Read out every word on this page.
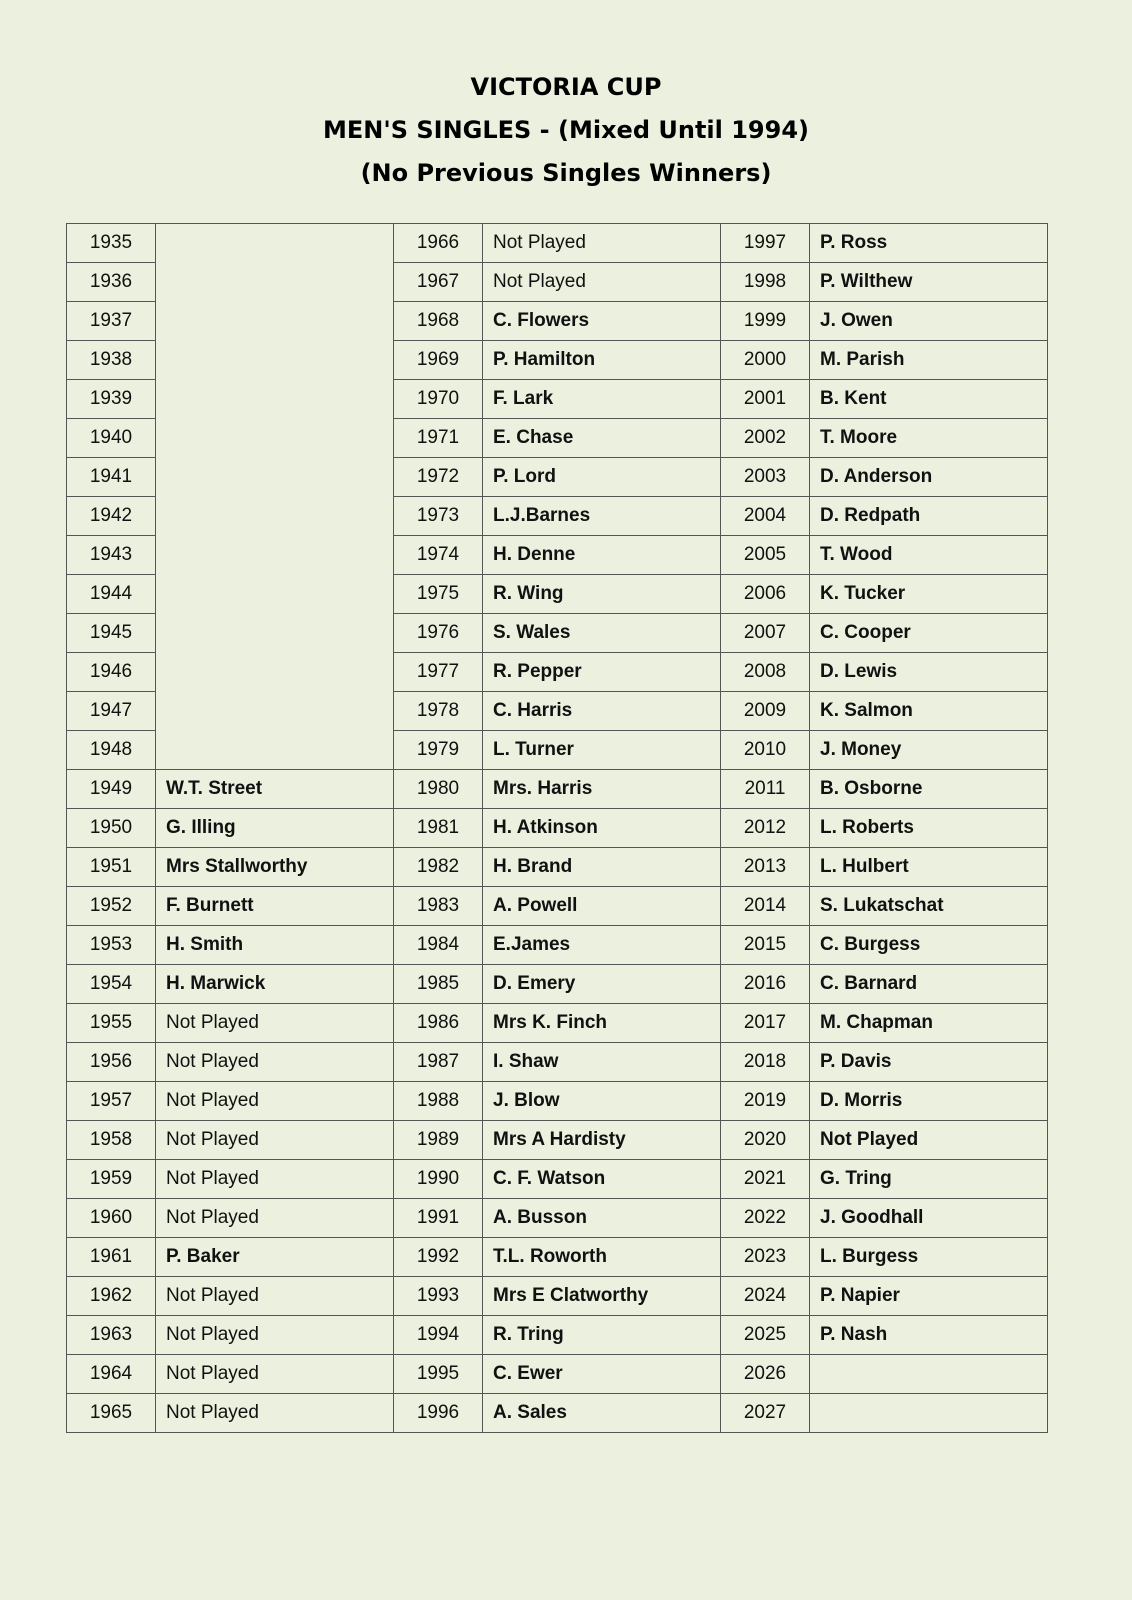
VICTORIA CUP
MEN'S SINGLES - (Mixed Until 1994)
(No Previous Singles Winners)
1935		1966	Not Played	1997	P. Ross
1936		1967	Not Played	1998	P. Wilthew
1937		1968	C. Flowers	1999	J. Owen
1938		1969	P. Hamilton	2000	M. Parish
1939		1970	F. Lark	2001	B. Kent
1940		1971	E. Chase	2002	T. Moore
1941		1972	P. Lord	2003	D. Anderson
1942		1973	L.J.Barnes	2004	D. Redpath
1943		1974	H. Denne	2005	T. Wood
1944		1975	R. Wing	2006	K. Tucker
1945		1976	S. Wales	2007	C. Cooper
1946		1977	R. Pepper	2008	D. Lewis
1947		1978	C. Harris	2009	K. Salmon
1948		1979	L. Turner	2010	J. Money
1949	W.T. Street	1980	Mrs. Harris	2011	B. Osborne
1950	G. Illing	1981	H. Atkinson	2012	L. Roberts
1951	Mrs Stallworthy	1982	H. Brand	2013	L. Hulbert
1952	F. Burnett	1983	A. Powell	2014	S. Lukatschat
1953	H. Smith	1984	E.James	2015	C. Burgess
1954	H. Marwick	1985	D. Emery	2016	C. Barnard
1955	Not Played	1986	Mrs K. Finch	2017	M. Chapman
1956	Not Played	1987	I. Shaw	2018	P. Davis
1957	Not Played	1988	J. Blow	2019	D. Morris
1958	Not Played	1989	Mrs A Hardisty	2020	Not Played
1959	Not Played	1990	C. F. Watson	2021	G. Tring
1960	Not Played	1991	A. Busson	2022	J. Goodhall
1961	P. Baker	1992	T.L. Roworth	2023	L. Burgess
1962	Not Played	1993	Mrs E Clatworthy	2024	P. Napier
1963	Not Played	1994	R. Tring	2025	P. Nash
1964	Not Played	1995	C. Ewer	2026	
1965	Not Played	1996	A. Sales	2027	
